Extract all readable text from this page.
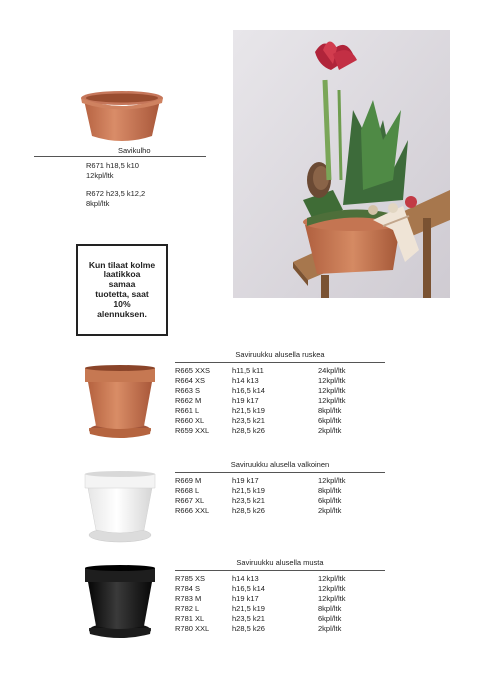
Savikulho
R671 h18,5 k10
12kpl/ltk
R672 h23,5 k12,2
8kpl/ltk
Kun tilaat kolme
laatikkoa
samaa
tuotetta, saat
10%
alennuksen.
Saviruukku alusella ruskea
R665 XXS	h11,5 k11	24kpl/ltk
R664 XS	h14 k13	12kpl/ltk
R663 S	h16,5 k14	12kpl/ltk
R662 M	h19 k17	12kpl/ltk
R661 L	h21,5 k19	8kpl/ltk
R660 XL	h23,5 k21	6kpl/ltk
R659 XXL	h28,5 k26	2kpl/ltk
Saviruukku alusella valkoinen
R669 M	h19 k17	12kpl/ltk
R668 L	h21,5 k19	8kpl/ltk
R667 XL	h23,5 k21	6kpl/ltk
R666 XXL	h28,5 k26	2kpl/ltk
Saviruukku alusella musta
R785 XS	h14 k13	12kpl/ltk
R784 S	h16,5 k14	12kpl/ltk
R783 M	h19 k17	12kpl/ltk
R782 L	h21,5 k19	8kpl/ltk
R781 XL	h23,5 k21	6kpl/ltk
R780 XXL	h28,5 k26	2kpl/ltk
